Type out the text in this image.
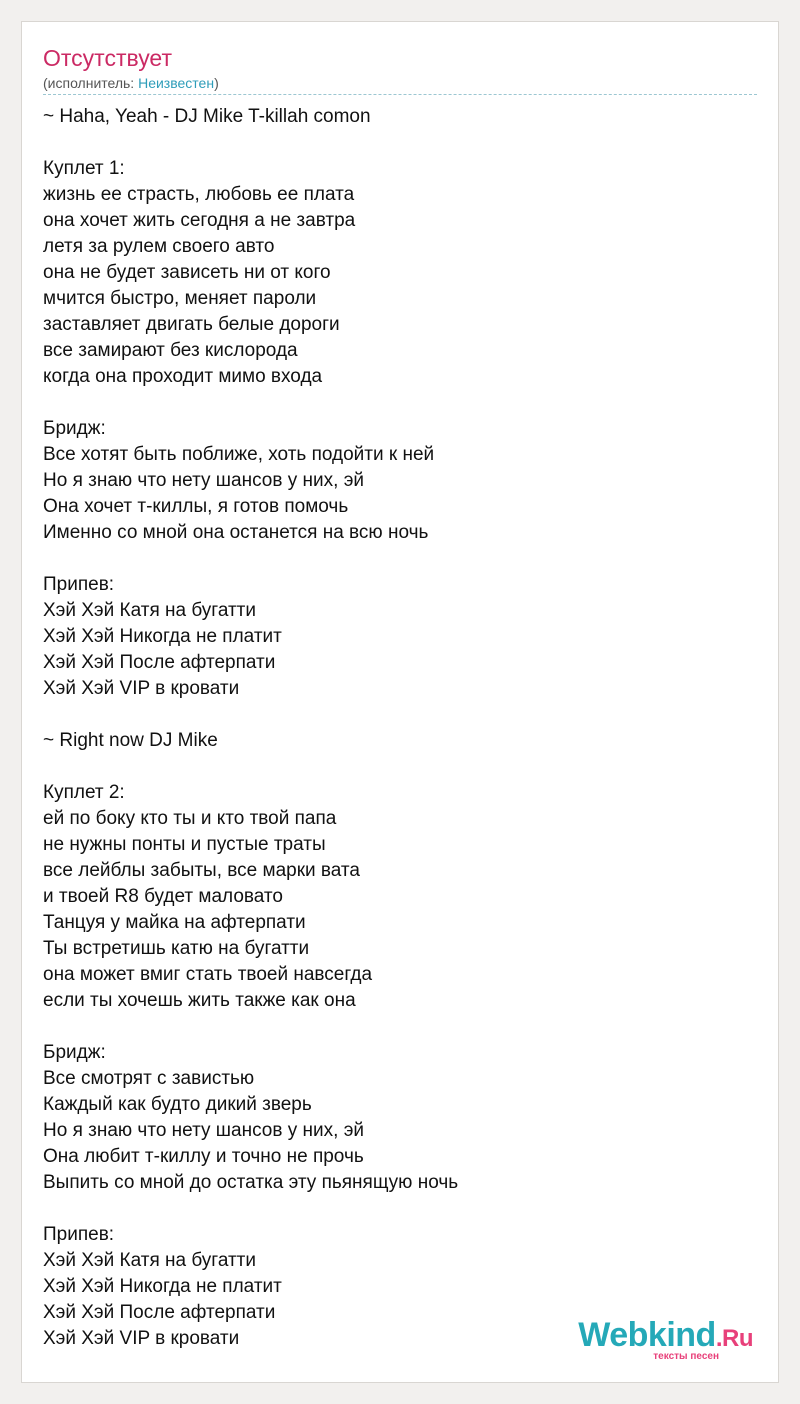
Отсутствует
(исполнитель: Неизвестен)
~ Haha, Yeah - DJ Mike T-killah comon
Куплет 1:
жизнь ее страсть, любовь ее плата
она хочет жить сегодня а не завтра
летя за рулем своего авто
она не будет зависеть ни от кого
мчится быстро, меняет пароли
заставляет двигать белые дороги
все замирают без кислорода
когда она проходит мимо входа
Бридж:
Все хотят быть поближе, хоть подойти к ней
Но я знаю что нету шансов у них, эй
Она хочет т-киллы, я готов помочь
Именно со мной она останется на всю ночь
Припев:
Хэй Хэй Катя на бугатти
Хэй Хэй Никогда не платит
Хэй Хэй После афтерпати
Хэй Хэй VIP в кровати
~ Right now DJ Mike
Куплет 2:
ей по боку кто ты и кто твой папа
не нужны понты и пустые траты
все лейблы забыты, все марки вата
и твоей R8 будет маловато
Танцуя у майка на афтерпати
Ты встретишь катю на бугатти
она может вмиг стать твоей навсегда
если ты хочешь жить также как она
Бридж:
Все смотрят с завистью
Каждый как будто дикий зверь
Но я знаю что нету шансов у них, эй
Она любит т-киллу и точно не прочь
Выпить со мной до остатка эту пьянящую ночь
Припев:
Хэй Хэй Катя на бугатти
Хэй Хэй Никогда не платит
Хэй Хэй После афтерпати
Хэй Хэй VIP в кровати	Webkind.Ru
тексты песен
